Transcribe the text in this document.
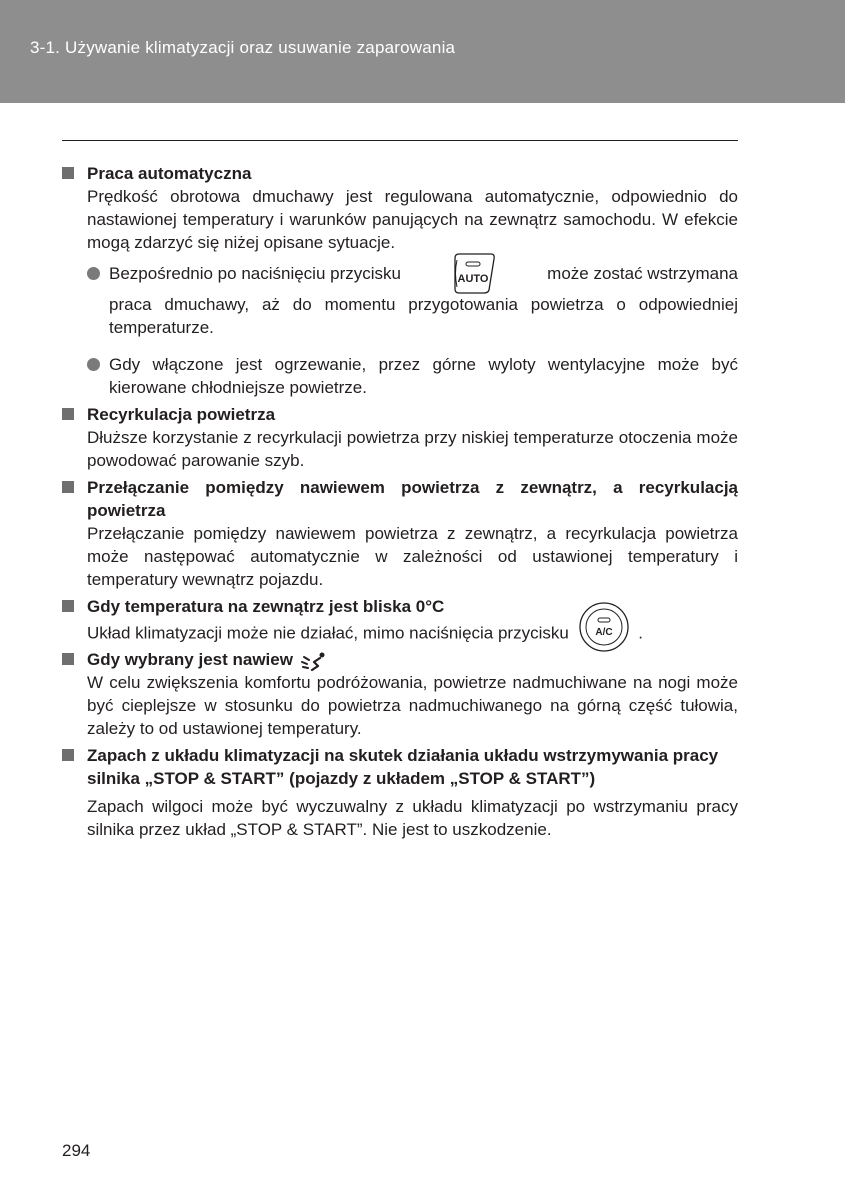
3-1. Używanie klimatyzacji oraz usuwanie zaparowania
Praca automatyczna
Prędkość obrotowa dmuchawy jest regulowana automatycznie, odpowiednio do nastawionej temperatury i warunków panujących na zewnątrz samochodu. W efekcie mogą zdarzyć się niżej opisane sytuacje.
Bezpośrednio po naciśnięciu przycisku	AUTO	może zostać wstrzymana
praca dmuchawy, aż do momentu przygotowania powietrza o odpowiedniej temperaturze.
Gdy włączone jest ogrzewanie, przez górne wyloty wentylacyjne może być kierowane chłodniejsze powietrze.
Recyrkulacja powietrza
Dłuższe korzystanie z recyrkulacji powietrza przy niskiej temperaturze otoczenia może powodować parowanie szyb.
Przełączanie pomiędzy nawiewem powietrza z zewnątrz, a recyrkulacją powietrza
Przełączanie pomiędzy nawiewem powietrza z zewnątrz, a recyrkulacja powietrza może następować automatycznie w zależności od ustawionej temperatury i temperatury wewnątrz pojazdu.
Gdy temperatura na zewnątrz jest bliska 0°C
Układ klimatyzacji może nie działać, mimo naciśnięcia przycisku	A/C .
Gdy wybrany jest nawiew
W celu zwiększenia komfortu podróżowania, powietrze nadmuchiwane na nogi może być cieplejsze w stosunku do powietrza nadmuchiwanego na górną część tułowia, zależy to od ustawionej temperatury.
Zapach z układu klimatyzacji na skutek działania układu wstrzymywania pracy silnika „STOP & START” (pojazdy z układem „STOP & START”)
Zapach wilgoci może być wyczuwalny z układu klimatyzacji po wstrzymaniu pracy silnika przez układ „STOP & START”. Nie jest to uszkodzenie.
294
